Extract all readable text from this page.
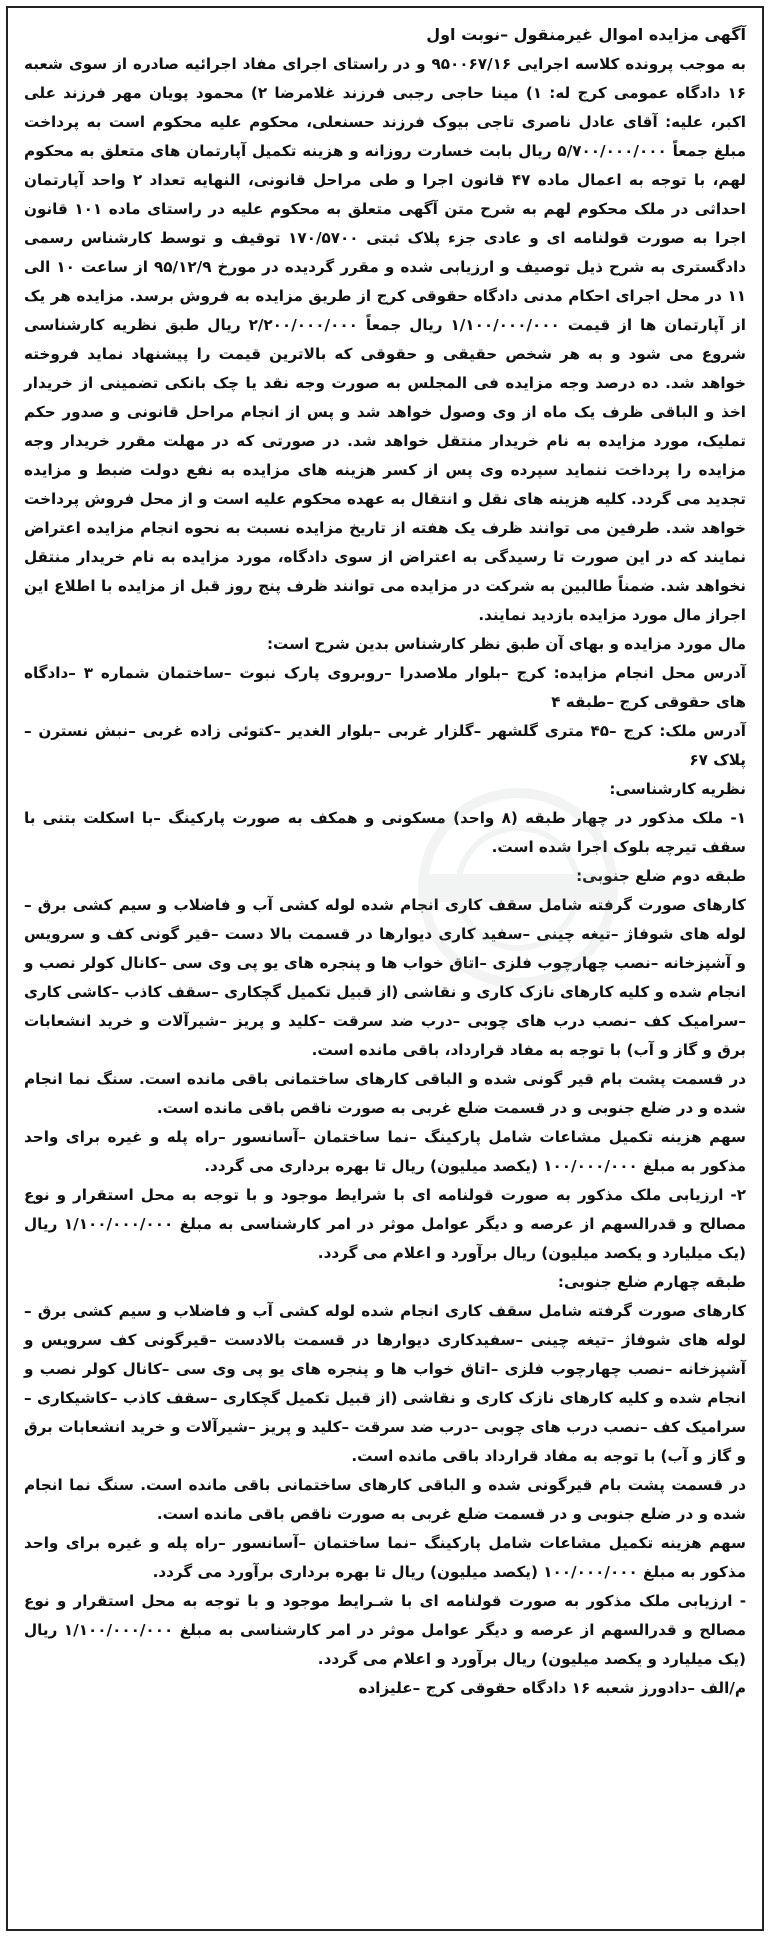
آگهی مزایده اموال غیرمنقول –نوبت اول

به موجب پرونده کلاسه اجرایی ۹۵۰۰۶۷/۱۶ و در راستای اجرای مفاد اجرائیه صادره از سوی شعبه ۱۶ دادگاه عمومی کرج له: ۱) مینا حاجی رجبی فرزند غلامرضا ۲) محمود پویان مهر فرزند علی اکبر، علیه: آقای عادل ناصری تاجی بیوک فرزند حسنعلی، محکوم علیه محکوم است به پرداخت مبلغ جمعاً ۵/۷۰۰/۰۰۰/۰۰۰ ریال بابت خسارت روزانه و هزینه تکمیل آپارتمان های متعلق به محکوم لهم، با توجه به اعمال ماده ۴۷ قانون اجرا و طی مراحل قانونی، النهایه تعداد ۲ واحد آپارتمان احداثی در ملک محکوم لهم به شرح متن آگهی متعلق به محکوم علیه در راستای ماده ۱۰۱ قانون اجرا به صورت قولنامه ای و عادی جزء پلاک ثبتی ۱۷۰/۵۷۰۰ توقیف و توسط کارشناس رسمی دادگستری به شرح ذیل توصیف و ارزیابی شده و مقرر گردیده در مورخ ۹۵/۱۲/۹ از ساعت ۱۰ الی ۱۱ در محل اجرای احکام مدنی دادگاه حقوقی کرج از طریق مزایده به فروش برسد. مزایده هر یک از آپارتمان ها از قیمت ۱/۱۰۰/۰۰۰/۰۰۰ ریال جمعاً ۲/۲۰۰/۰۰۰/۰۰۰ ریال طبق نظریه کارشناسی شروع می شود و به هر شخص حقیقی و حقوقی که بالاترین قیمت را پیشنهاد نماید فروخته خواهد شد. ده درصد وجه مزایده فی المجلس به صورت وجه نقد یا چک بانکی تضمینی از خریدار اخذ و الباقی ظرف یک ماه از وی وصول خواهد شد و پس از انجام مراحل قانونی و صدور حکم تملیک، مورد مزایده به نام خریدار منتقل خواهد شد. در صورتی که در مهلت مقرر خریدار وجه مزایده را پرداخت ننماید سپرده وی پس از کسر هزینه های مزایده به نفع دولت ضبط و مزایده تجدید می گردد. کلیه هزینه های نقل و انتقال به عهده محکوم علیه است و از محل فروش پرداخت خواهد شد. طرفین می توانند ظرف یک هفته از تاریخ مزایده نسبت به نحوه انجام مزایده اعتراض نمایند که در این صورت تا رسیدگی به اعتراض از سوی دادگاه، مورد مزایده به نام خریدار منتقل نخواهد شد. ضمناً طالبین به شرکت در مزایده می توانند ظرف پنج روز قبل از مزایده با اطلاع این اجراز مال مورد مزایده بازدید نمایند.

مال مورد مزایده و بهای آن طبق نظر کارشناس بدین شرح است:

آدرس محل انجام مزایده: کرج –بلوار ملاصدرا –روبروی پارک نبوت –ساختمان شماره ۳ –دادگاه های حقوقی کرج –طبقه ۴

آدرس ملک: کرج –۴۵ متری گلشهر –گلزار غربی –بلوار الغدیر –کتوئی زاده غربی –نبش نسترن –پلاک ۶۷

نظریه کارشناسی:

۱- ملک مذکور در چهار طبقه (۸ واحد) مسکونی و همکف به صورت پارکینگ –با اسکلت بتنی با سقف تیرچه بلوک اجرا شده است.

طبقه دوم ضلع جنوبی:

کارهای صورت گرفته شامل سقف کاری انجام شده لوله کشی آب و فاضلاب و سیم کشی برق –لوله های شوفاژ –تیغه چینی –سفید کاری دیوارها در قسمت بالا دست –قیر گونی کف و سرویس و آشپزخانه –نصب چهارچوب فلزی –اتاق خواب ها و پنجره های یو پی وی سی –کانال کولر نصب و انجام شده و کلیه کارهای نازک کاری و نقاشی (از قبیل تکمیل گچکاری –سقف کاذب –کاشی کاری –سرامیک کف –نصب درب های چوبی –درب ضد سرقت –کلید و پریز –شیرآلات و خرید انشعابات برق و گاز و آب) با توجه به مفاد قرارداد، باقی مانده است.

در قسمت پشت بام قیر گونی شده و الباقی کارهای ساختمانی باقی مانده است. سنگ نما انجام شده و در ضلع جنوبی و در قسمت ضلع غربی به صورت ناقص باقی مانده است.

سهم هزینه تکمیل مشاعات شامل پارکینگ –نما ساختمان –آسانسور –راه پله و غیره برای واحد مذکور به مبلغ ۱۰۰/۰۰۰/۰۰۰ (یکصد میلیون) ریال تا بهره برداری می گردد.

۲- ارزیابی ملک مذکور به صورت قولنامه ای با شرایط موجود و با توجه به محل استقرار و نوع مصالح و قدرالسهم از عرصه و دیگر عوامل موثر در امر کارشناسی به مبلغ ۱/۱۰۰/۰۰۰/۰۰۰ ریال (یک میلیارد و یکصد میلیون) ریال برآورد و اعلام می گردد.

طبقه چهارم ضلع جنوبی:

کارهای صورت گرفته شامل سقف کاری انجام شده لوله کشی آب و فاضلاب و سیم کشی برق –لوله های شوفاژ –تیغه چینی –سفیدکاری دیوارها در قسمت بالادست –قیرگونی کف سرویس و آشپزخانه –نصب چهارچوب فلزی –اتاق خواب ها و پنجره های یو پی وی سی –کانال کولر نصب و انجام شده و کلیه کارهای نازک کاری و نقاشی (از قبیل تکمیل گچکاری –سقف کاذب –کاشیکاری –سرامیک کف –نصب درب های چوبی –درب ضد سرقت –کلید و پریز –شیرآلات و خرید انشعابات برق و گاز و آب) با توجه به مفاد قرارداد باقی مانده است.

در قسمت پشت بام قیرگونی شده و الباقی کارهای ساختمانی باقی مانده است. سنگ نما انجام شده و در ضلع جنوبی و در قسمت ضلع غربی به صورت ناقص باقی مانده است.

سهم هزینه تکمیل مشاعات شامل پارکینگ –نما ساختمان –آسانسور –راه پله و غیره برای واحد مذکور به مبلغ ۱۰۰/۰۰۰/۰۰۰ (یکصد میلیون) ریال تا بهره برداری برآورد می گردد.

- ارزیابی ملک مذکور به صورت قولنامه ای با شـرایط موجود و با توجه به محل استقرار و نوع مصالح و قدرالسهم از عرصه و دیگر عوامل موثر در امر کارشناسی به مبلغ ۱/۱۰۰/۰۰۰/۰۰۰ ریال (یک میلیارد و یکصد میلیون) ریال برآورد و اعلام می گردد.

م/الف –دادورز شعبه ۱۶ دادگاه حقوقی کرج –علیزاده
